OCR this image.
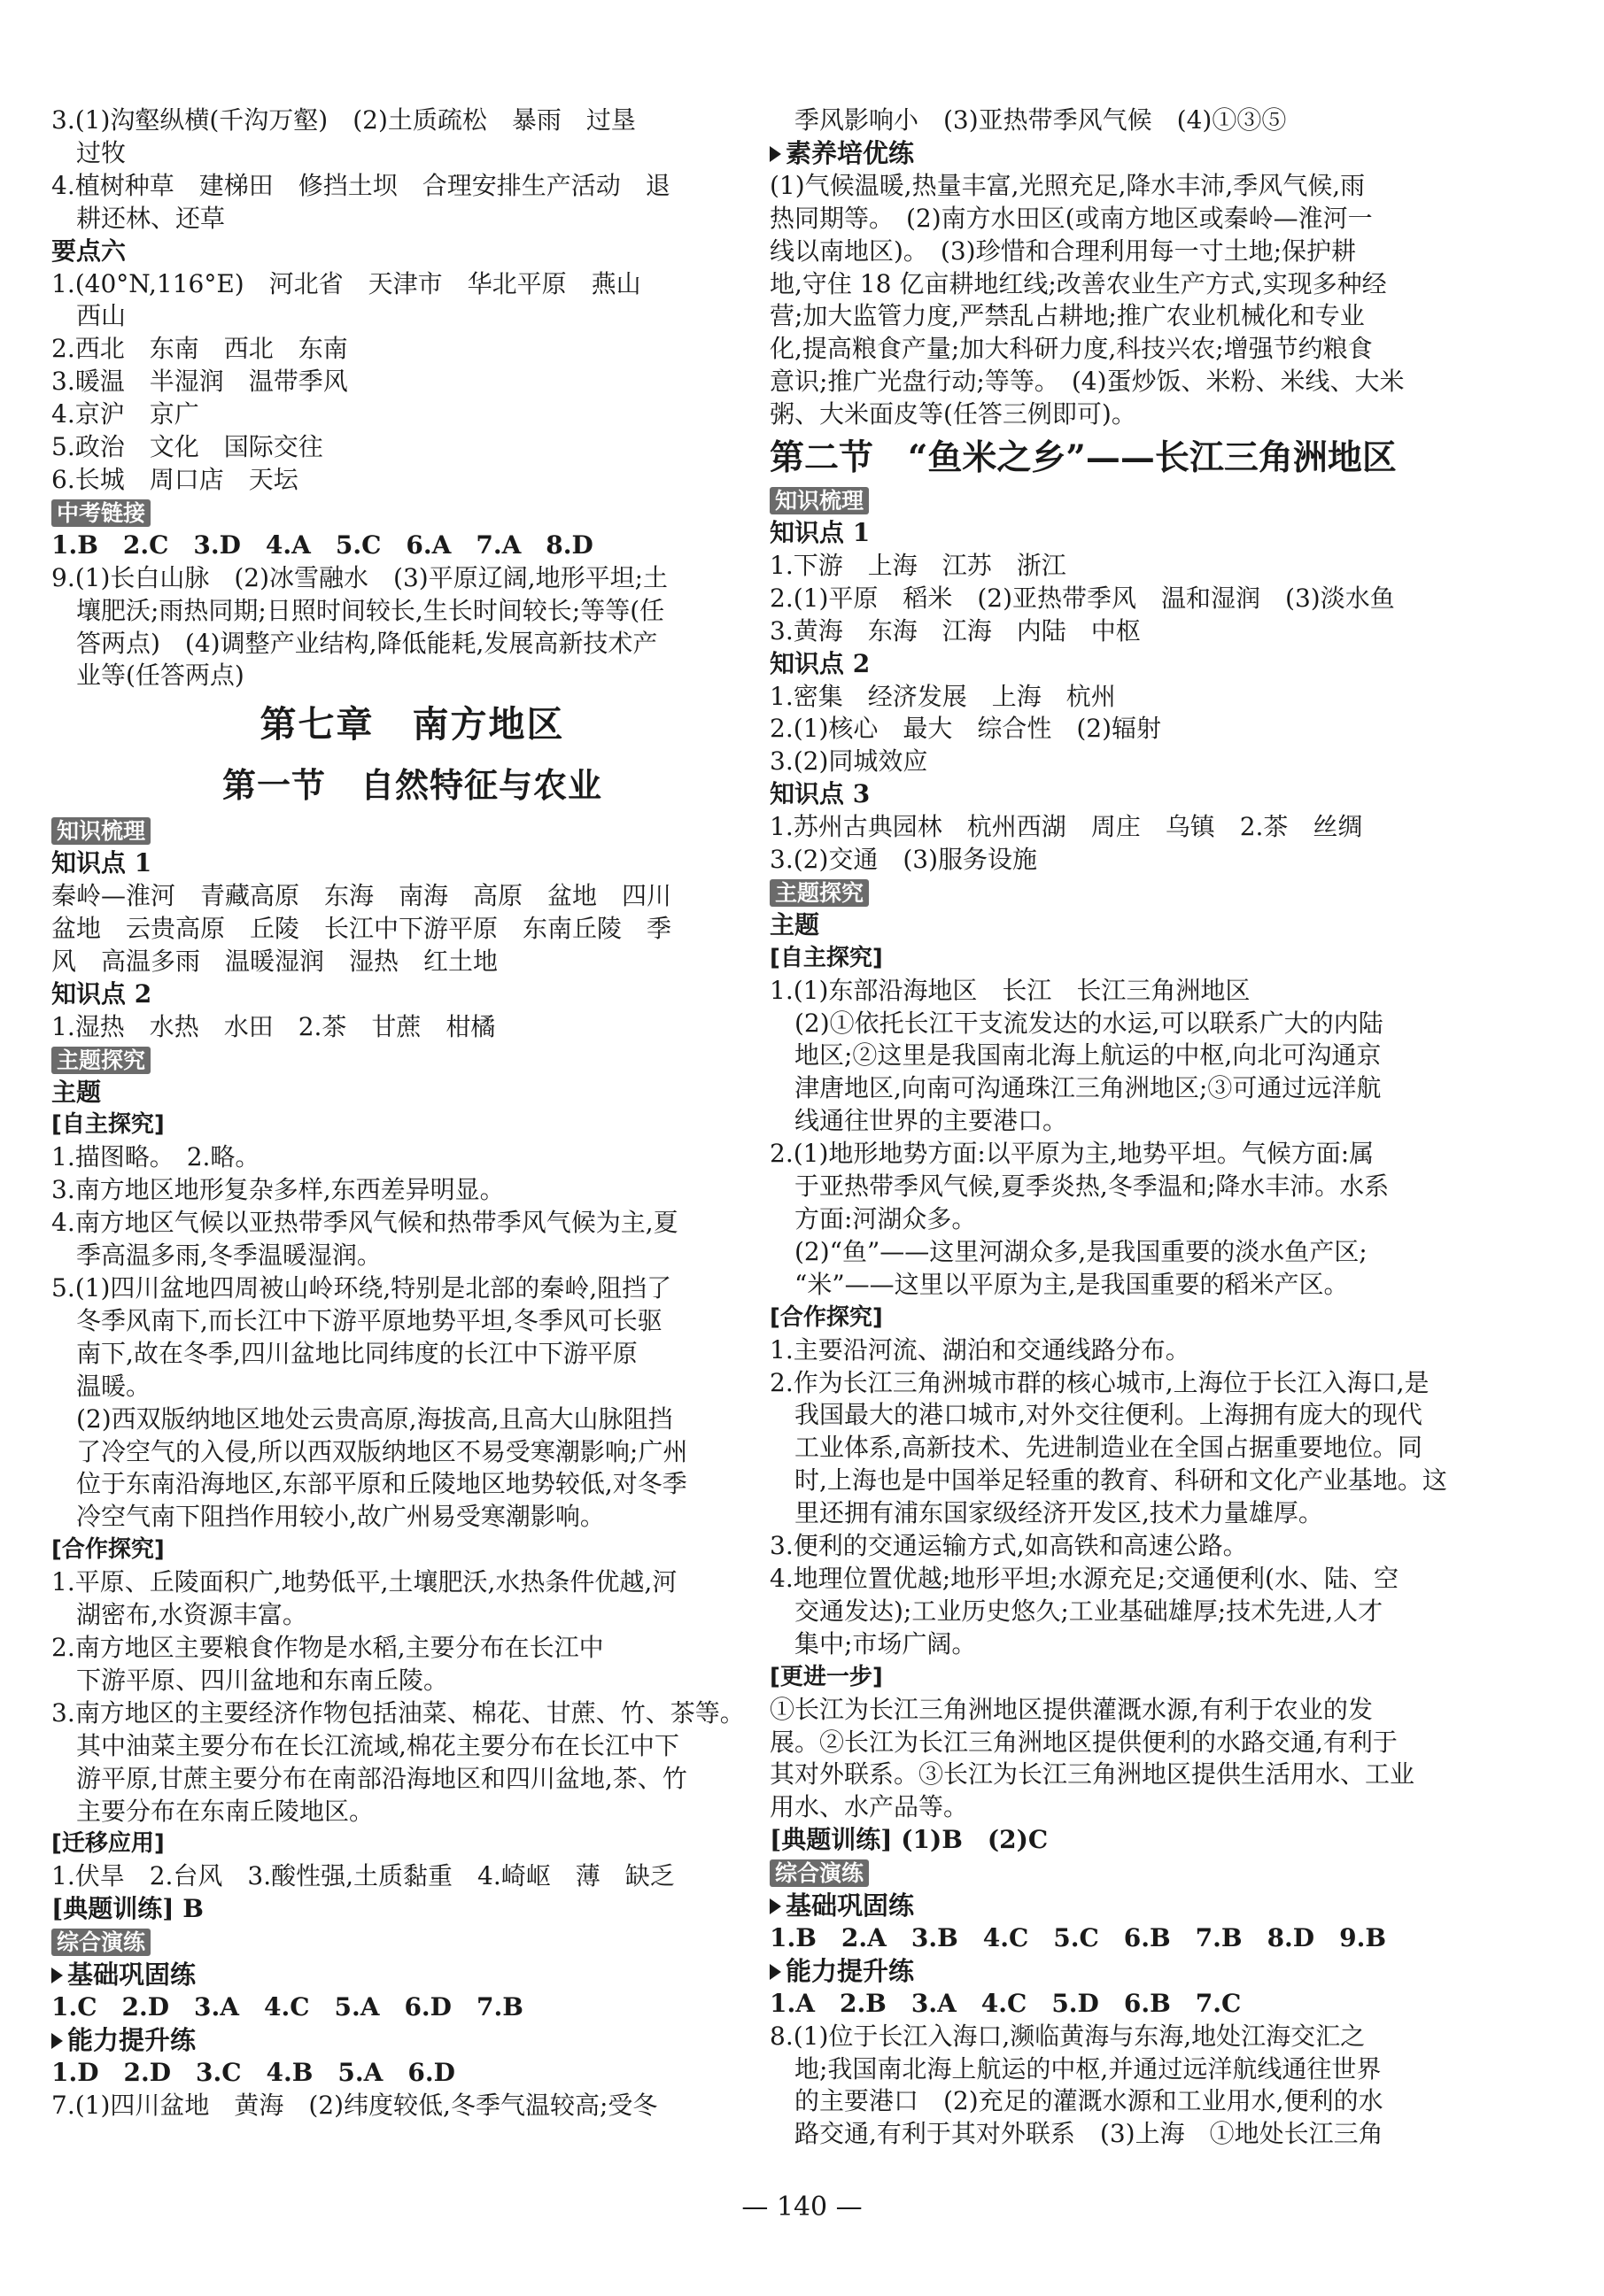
3.(1)沟壑纵横(千沟万壑)　(2)土质疏松　暴雨　过垦
过牧
4.植树种草　建梯田　修挡土坝　合理安排生产活动　退
耕还林、还草
要点六
1.(40°N,116°E)　河北省　天津市　华北平原　燕山
西山
2.西北　东南　西北　东南
3.暖温　半湿润　温带季风
4.京沪　京广
5.政治　文化　国际交往
6.长城　周口店　天坛
中考链接
1.B　2.C　3.D　4.A　5.C　6.A　7.A　8.D
9.(1)长白山脉　(2)冰雪融水　(3)平原辽阔,地形平坦;土
壤肥沃;雨热同期;日照时间较长,生长时间较长;等等(任
答两点)　(4)调整产业结构,降低能耗,发展高新技术产
业等(任答两点)
第七章　南方地区
第一节　自然特征与农业
知识梳理
知识点 1
秦岭—淮河　青藏高原　东海　南海　高原　盆地　四川
盆地　云贵高原　丘陵　长江中下游平原　东南丘陵　季
风　高温多雨　温暖湿润　湿热　红土地
知识点 2
1.湿热　水热　水田　2.茶　甘蔗　柑橘
主题探究
主题
[自主探究]
1.描图略。　2.略。
3.南方地区地形复杂多样,东西差异明显。
4.南方地区气候以亚热带季风气候和热带季风气候为主,夏
季高温多雨,冬季温暖湿润。
5.(1)四川盆地四周被山岭环绕,特别是北部的秦岭,阻挡了
冬季风南下,而长江中下游平原地势平坦,冬季风可长驱
南下,故在冬季,四川盆地比同纬度的长江中下游平原
温暖。
(2)西双版纳地区地处云贵高原,海拔高,且高大山脉阻挡
了冷空气的入侵,所以西双版纳地区不易受寒潮影响;广州
位于东南沿海地区,东部平原和丘陵地区地势较低,对冬季
冷空气南下阻挡作用较小,故广州易受寒潮影响。
[合作探究]
1.平原、丘陵面积广,地势低平,土壤肥沃,水热条件优越,河
湖密布,水资源丰富。
2.南方地区主要粮食作物是水稻,主要分布在长江中
下游平原、四川盆地和东南丘陵。
3.南方地区的主要经济作物包括油菜、棉花、甘蔗、竹、茶等。
其中油菜主要分布在长江流域,棉花主要分布在长江中下
游平原,甘蔗主要分布在南部沿海地区和四川盆地,茶、竹
主要分布在东南丘陵地区。
[迁移应用]
1.伏旱　2.台风　3.酸性强,土质黏重　4.崎岖　薄　缺乏
[典题训练] B
综合演练
基础巩固练
1.C　2.D　3.A　4.C　5.A　6.D　7.B
能力提升练
1.D　2.D　3.C　4.B　5.A　6.D
7.(1)四川盆地　黄海　(2)纬度较低,冬季气温较高;受冬
季风影响小　(3)亚热带季风气候　(4)①③⑤
素养培优练
(1)气候温暖,热量丰富,光照充足,降水丰沛,季风气候,雨
热同期等。　(2)南方水田区(或南方地区或秦岭—淮河一
线以南地区)。　(3)珍惜和合理利用每一寸土地;保护耕
地,守住 18 亿亩耕地红线;改善农业生产方式,实现多种经
营;加大监管力度,严禁乱占耕地;推广农业机械化和专业
化,提高粮食产量;加大科研力度,科技兴农;增强节约粮食
意识;推广光盘行动;等等。　(4)蛋炒饭、米粉、米线、大米
粥、大米面皮等(任答三例即可)。
第二节　“鱼米之乡”——长江三角洲地区
知识梳理
知识点 1
1.下游　上海　江苏　浙江
2.(1)平原　稻米　(2)亚热带季风　温和湿润　(3)淡水鱼
3.黄海　东海　江海　内陆　中枢
知识点 2
1.密集　经济发展　上海　杭州
2.(1)核心　最大　综合性　(2)辐射
3.(2)同城效应
知识点 3
1.苏州古典园林　杭州西湖　周庄　乌镇　2.茶　丝绸
3.(2)交通　(3)服务设施
主题探究
主题
[自主探究]
1.(1)东部沿海地区　长江　长江三角洲地区
(2)①依托长江干支流发达的水运,可以联系广大的内陆
地区;②这里是我国南北海上航运的中枢,向北可沟通京
津唐地区,向南可沟通珠江三角洲地区;③可通过远洋航
线通往世界的主要港口。
2.(1)地形地势方面:以平原为主,地势平坦。气候方面:属
于亚热带季风气候,夏季炎热,冬季温和;降水丰沛。水系
方面:河湖众多。
(2)“鱼”——这里河湖众多,是我国重要的淡水鱼产区;
“米”——这里以平原为主,是我国重要的稻米产区。
[合作探究]
1.主要沿河流、湖泊和交通线路分布。
2.作为长江三角洲城市群的核心城市,上海位于长江入海口,是
我国最大的港口城市,对外交往便利。上海拥有庞大的现代
工业体系,高新技术、先进制造业在全国占据重要地位。同
时,上海也是中国举足轻重的教育、科研和文化产业基地。这
里还拥有浦东国家级经济开发区,技术力量雄厚。
3.便利的交通运输方式,如高铁和高速公路。
4.地理位置优越;地形平坦;水源充足;交通便利(水、陆、空
交通发达);工业历史悠久;工业基础雄厚;技术先进,人才
集中;市场广阔。
[更进一步]
①长江为长江三角洲地区提供灌溉水源,有利于农业的发
展。②长江为长江三角洲地区提供便利的水路交通,有利于
其对外联系。③长江为长江三角洲地区提供生活用水、工业
用水、水产品等。
[典题训练] (1)B　(2)C
综合演练
基础巩固练
1.B　2.A　3.B　4.C　5.C　6.B　7.B　8.D　9.B
能力提升练
1.A　2.B　3.A　4.C　5.D　6.B　7.C
8.(1)位于长江入海口,濒临黄海与东海,地处江海交汇之
地;我国南北海上航运的中枢,并通过远洋航线通往世界
的主要港口　(2)充足的灌溉水源和工业用水,便利的水
路交通,有利于其对外联系　(3)上海　①地处长江三角
— 140 —
